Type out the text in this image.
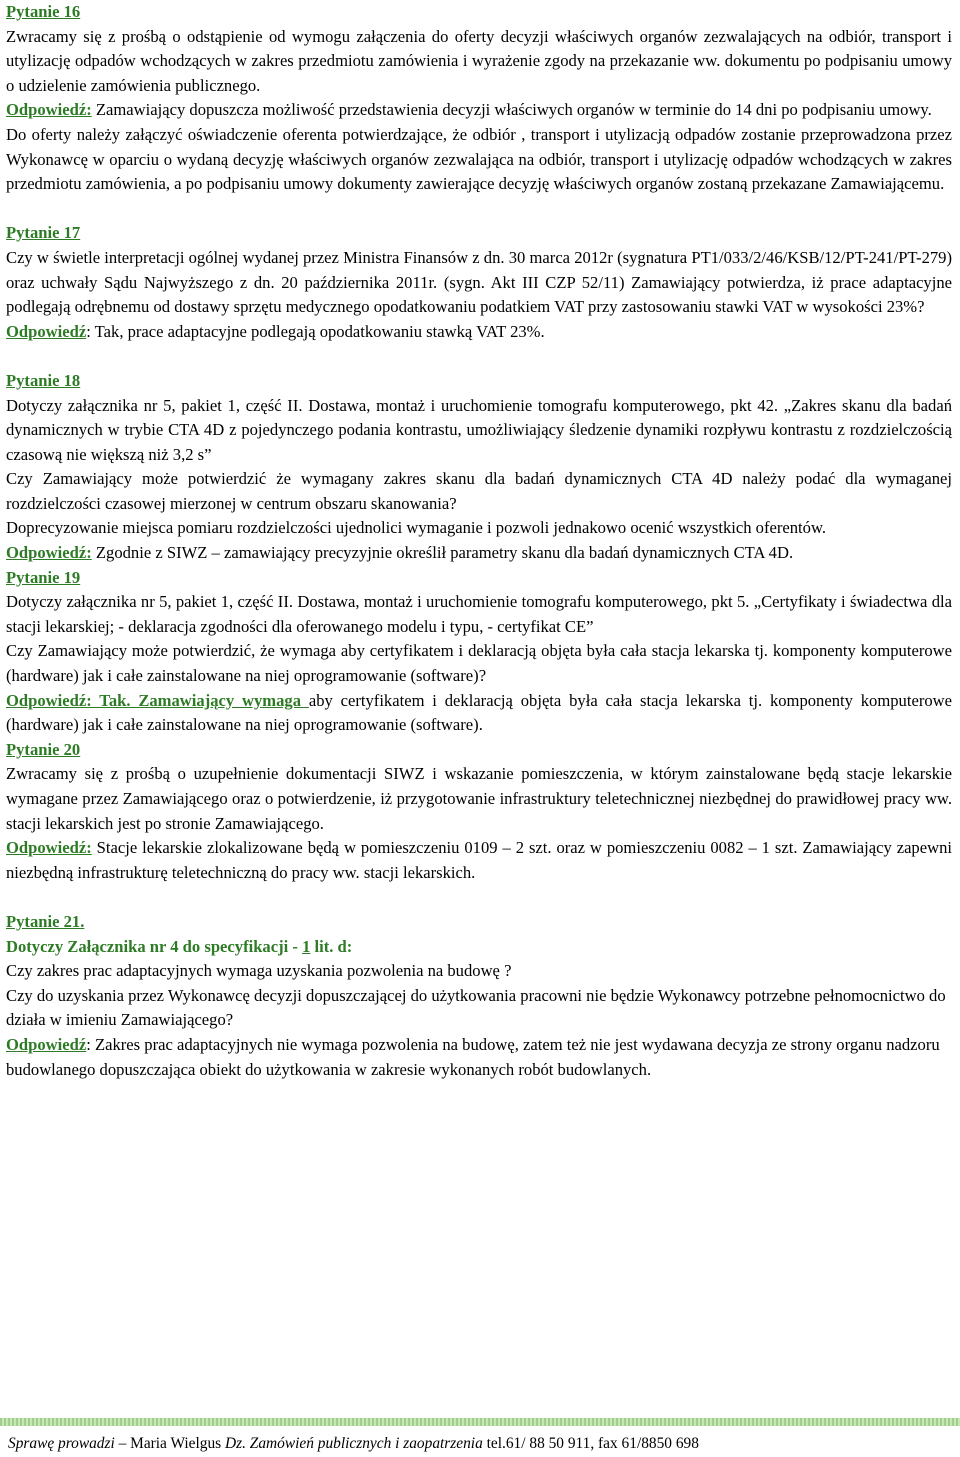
Pytanie 16

Zwracamy się z prośbą o odstąpienie od wymogu załączenia do oferty decyzji właściwych organów zezwalających na odbiór, transport i utylizację odpadów wchodzących w zakres przedmiotu zamówienia i wyrażenie zgody na przekazanie ww. dokumentu po podpisaniu umowy o udzielenie zamówienia publicznego.

Odpowiedź: Zamawiający dopuszcza możliwość przedstawienia decyzji właściwych organów w terminie do 14 dni po podpisaniu umowy.

Do oferty należy załączyć oświadczenie oferenta potwierdzające, że odbiór , transport i utylizacją odpadów zostanie przeprowadzona przez Wykonawcę w oparciu o wydaną decyzję właściwych organów zezwalająca na odbiór, transport i utylizację odpadów wchodzących w zakres przedmiotu zamówienia, a po podpisaniu umowy dokumenty zawierające decyzję właściwych organów zostaną przekazane Zamawiającemu.

Pytanie 17

Czy w świetle interpretacji ogólnej wydanej przez Ministra Finansów z dn. 30 marca 2012r (sygnatura PT1/033/2/46/KSB/12/PT-241/PT-279) oraz uchwały Sądu Najwyższego z dn. 20 października 2011r. (sygn. Akt III CZP 52/11) Zamawiający potwierdza, iż prace adaptacyjne podlegają odrębnemu od dostawy sprzętu medycznego opodatkowaniu podatkiem VAT przy zastosowaniu stawki VAT w wysokości 23%?

Odpowiedź: Tak, prace adaptacyjne podlegają opodatkowaniu stawką VAT 23%.

Pytanie 18

Dotyczy załącznika nr 5, pakiet 1, część II. Dostawa, montaż i uruchomienie tomografu komputerowego, pkt 42. „Zakres skanu dla badań dynamicznych w trybie CTA 4D z pojedynczego podania kontrastu, umożliwiający śledzenie dynamiki rozpływu kontrastu z rozdzielczością czasową nie większą niż 3,2 s”

Czy Zamawiający może potwierdzić że wymagany zakres skanu dla badań dynamicznych CTA 4D należy podać dla wymaganej rozdzielczości czasowej mierzonej w centrum obszaru skanowania?

Doprecyzowanie miejsca pomiaru rozdzielczości ujednolici wymaganie i pozwoli jednakowo ocenić wszystkich oferentów.

Odpowiedź: Zgodnie z SIWZ – zamawiający precyzyjnie określił parametry skanu dla badań dynamicznych CTA 4D.

Pytanie 19

Dotyczy załącznika nr 5, pakiet 1, część II. Dostawa, montaż i uruchomienie tomografu komputerowego, pkt 5. „Certyfikaty i świadectwa dla stacji lekarskiej; - deklaracja zgodności dla oferowanego modelu i typu, - certyfikat CE”

Czy Zamawiający może potwierdzić, że wymaga aby certyfikatem i deklaracją objęta była cała stacja lekarska tj. komponenty komputerowe (hardware) jak i całe zainstalowane na niej oprogramowanie (software)?

Odpowiedź: Tak. Zamawiający wymaga aby certyfikatem i deklaracją objęta była cała stacja lekarska tj. komponenty komputerowe (hardware) jak i całe zainstalowane na niej oprogramowanie (software).

Pytanie 20

Zwracamy się z prośbą o uzupełnienie dokumentacji SIWZ i wskazanie pomieszczenia, w którym zainstalowane będą stacje lekarskie wymagane przez Zamawiającego oraz o potwierdzenie, iż przygotowanie infrastruktury teletechnicznej niezbędnej do prawidłowej pracy ww. stacji lekarskich jest po stronie Zamawiającego.

Odpowiedź: Stacje lekarskie zlokalizowane będą w pomieszczeniu 0109 – 2 szt. oraz w pomieszczeniu 0082 – 1 szt. Zamawiający zapewni niezbędną infrastrukturę teletechniczną do pracy ww. stacji lekarskich.

Pytanie 21.

Dotyczy Załącznika nr 4 do specyfikacji - 1 lit. d:

Czy zakres prac adaptacyjnych wymaga uzyskania pozwolenia na budowę ?

Czy do uzyskania przez Wykonawcę decyzji dopuszczającej do użytkowania pracowni nie będzie Wykonawcy potrzebne pełnomocnictwo do działa w imieniu Zamawiającego?

Odpowiedź: Zakres prac adaptacyjnych nie wymaga pozwolenia na budowę, zatem też nie jest wydawana decyzja ze strony organu nadzoru budowlanego dopuszczająca obiekt do użytkowania w zakresie wykonanych robót budowlanych.

Sprawę prowadzi – Maria Wielgus Dz. Zamówień publicznych i zaopatrzenia tel.61/ 88 50 911, fax 61/8850 698
